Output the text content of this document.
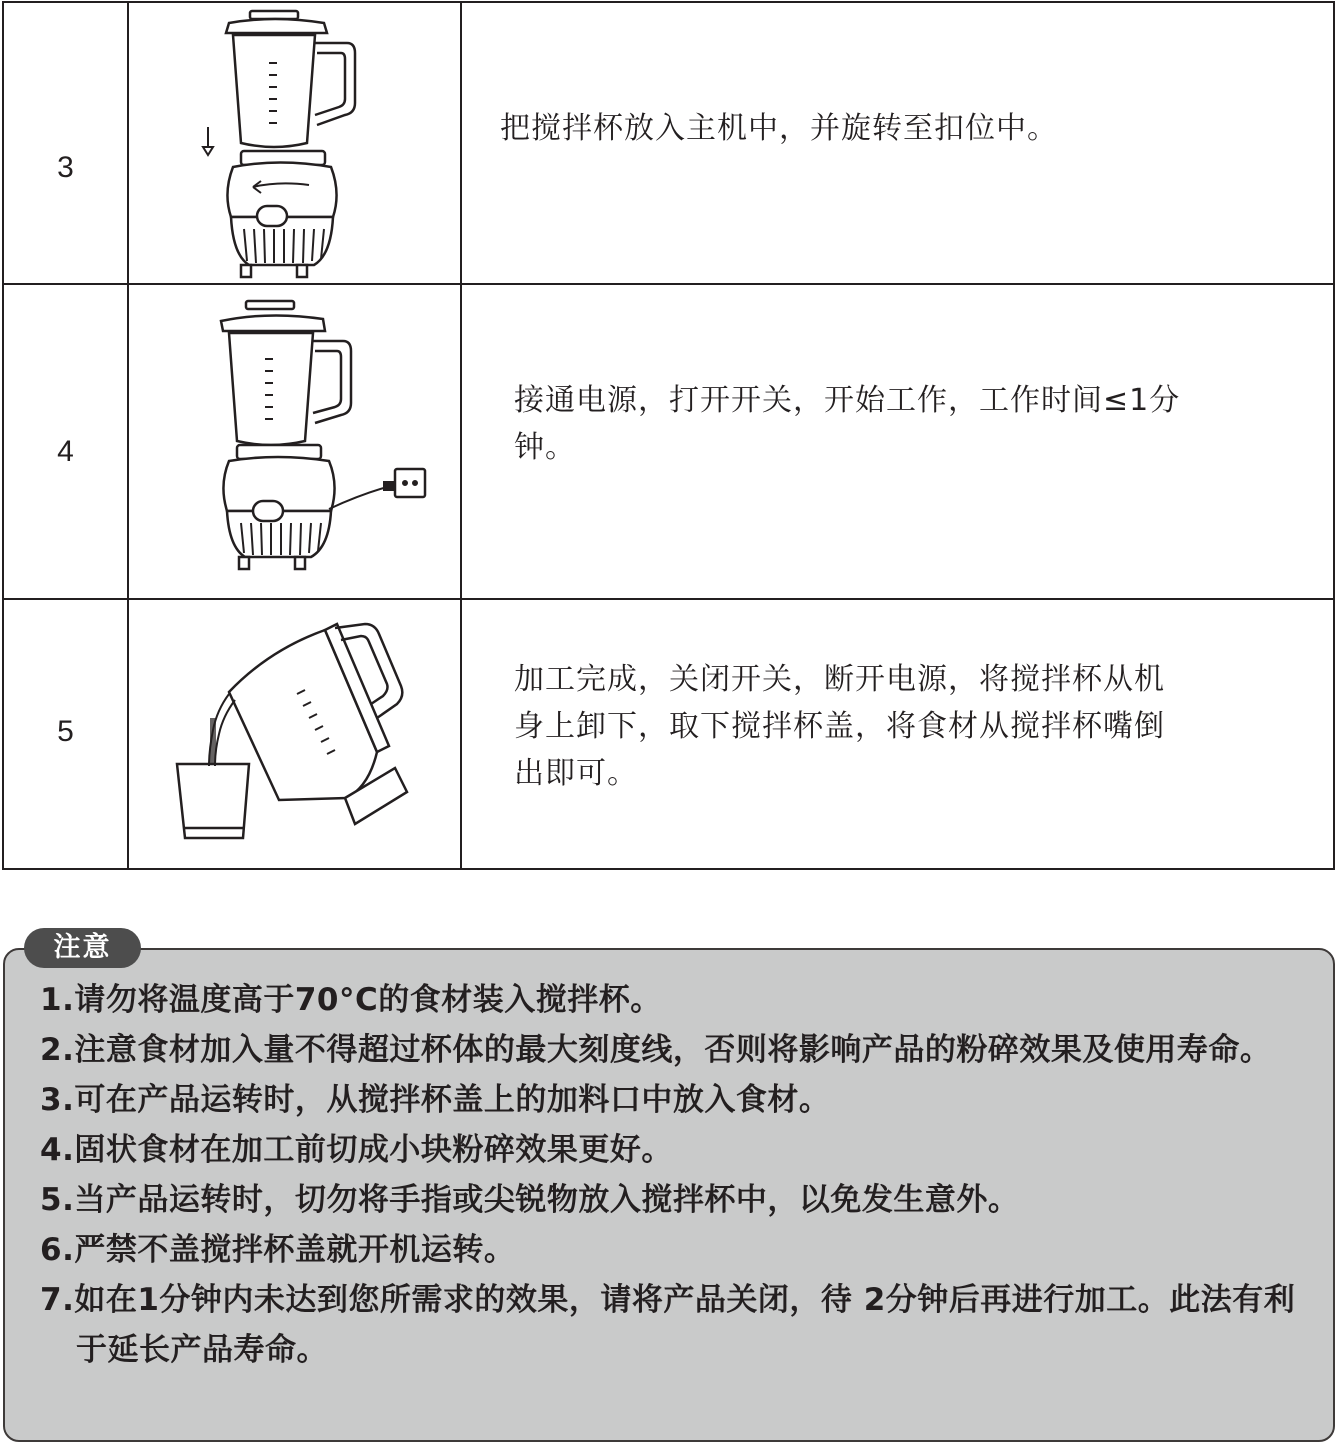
3
把搅拌杯放入主机中，并旋转至扣位中。
4
接通电源，打开开关，开始工作，工作时间≤1分
钟。
5
加工完成，关闭开关，断开电源，将搅拌杯从机
身上卸下，取下搅拌杯盖，将食材从搅拌杯嘴倒
出即可。
注意
1.请勿将温度高于70°C的食材装入搅拌杯。
2.注意食材加入量不得超过杯体的最大刻度线，否则将影响产品的粉碎效果及使用寿命。
3.可在产品运转时，从搅拌杯盖上的加料口中放入食材。
4.固状食材在加工前切成小块粉碎效果更好。
5.当产品运转时，切勿将手指或尖锐物放入搅拌杯中，以免发生意外。
6.严禁不盖搅拌杯盖就开机运转。
7.如在1分钟内未达到您所需求的效果，请将产品关闭，待 2分钟后再进行加工。此法有利于延长产品寿命。
